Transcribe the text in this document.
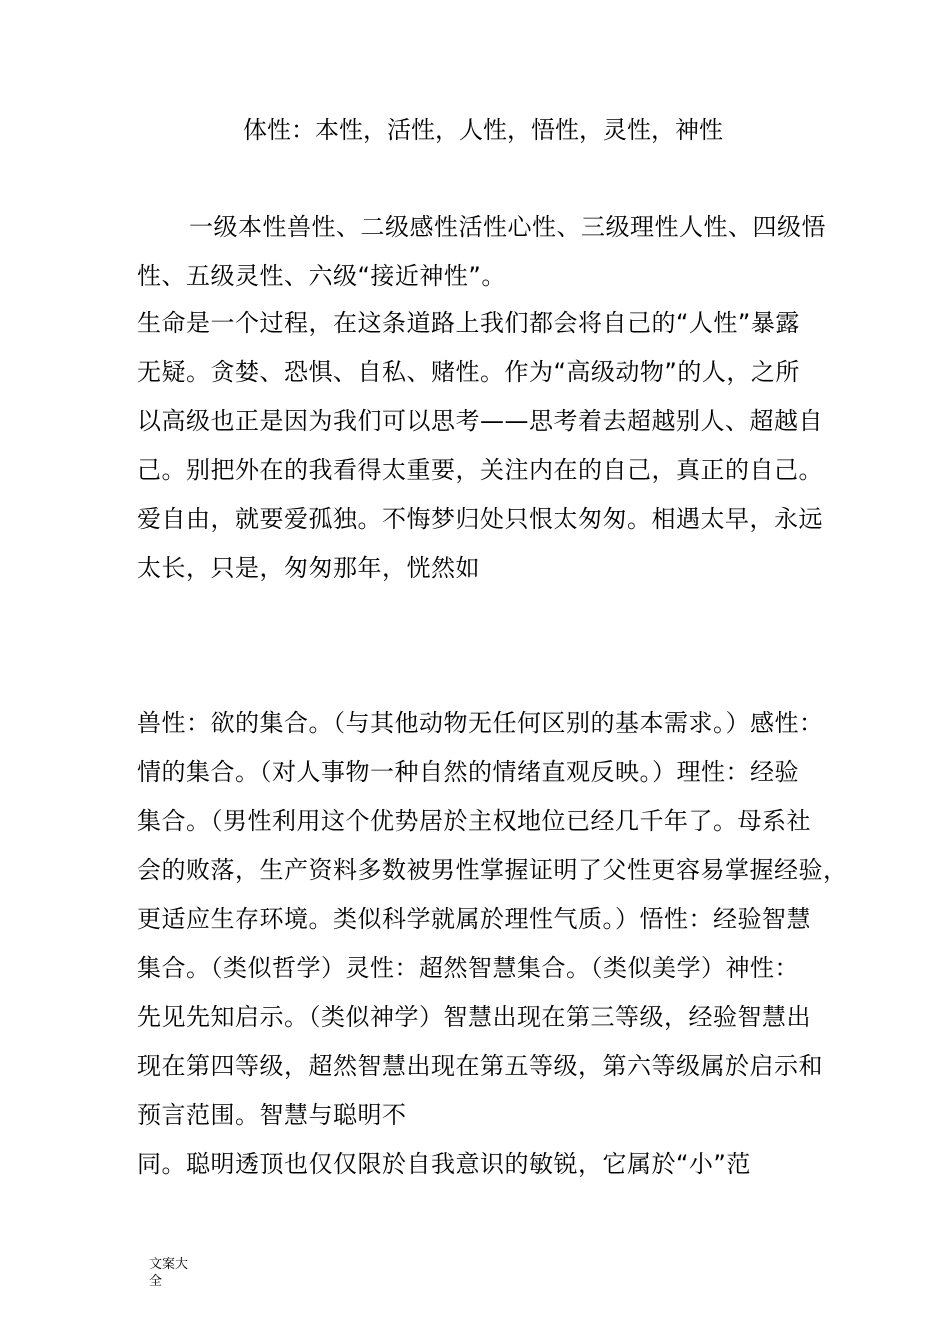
体性：本性，活性，人性，悟性，灵性，神性
一级本性兽性、二级感性活性心性、三级理性人性、四级悟
性、五级灵性、六级“接近神性”。
生命是一个过程，在这条道路上我们都会将自己的“人性”暴露
无疑。贪婪、恐惧、自私、赌性。作为“高级动物”的人，之所
以高级也正是因为我们可以思考——思考着去超越别人、超越自
己。别把外在的我看得太重要，关注内在的自己，真正的自己。
爱自由，就要爱孤独。不悔梦归处只恨太匆匆。相遇太早，永远
太长，只是，匆匆那年，恍然如
兽性：欲的集合。（与其他动物无任何区别的基本需求。）感性：
情的集合。（对人事物一种自然的情绪直观反映。）理性：经验
集合。（男性利用这个优势居於主权地位已经几千年了。母系社
会的败落，生产资料多数被男性掌握证明了父性更容易掌握经验，
更适应生存环境。类似科学就属於理性气质。）悟性：经验智慧
集合。（类似哲学）灵性：超然智慧集合。（类似美学）神性：
先见先知启示。（类似神学）智慧出现在第三等级，经验智慧出
现在第四等级，超然智慧出现在第五等级，第六等级属於启示和
预言范围。智慧与聪明不
同。聪明透顶也仅仅限於自我意识的敏锐，它属於“小”范
文案大
全
